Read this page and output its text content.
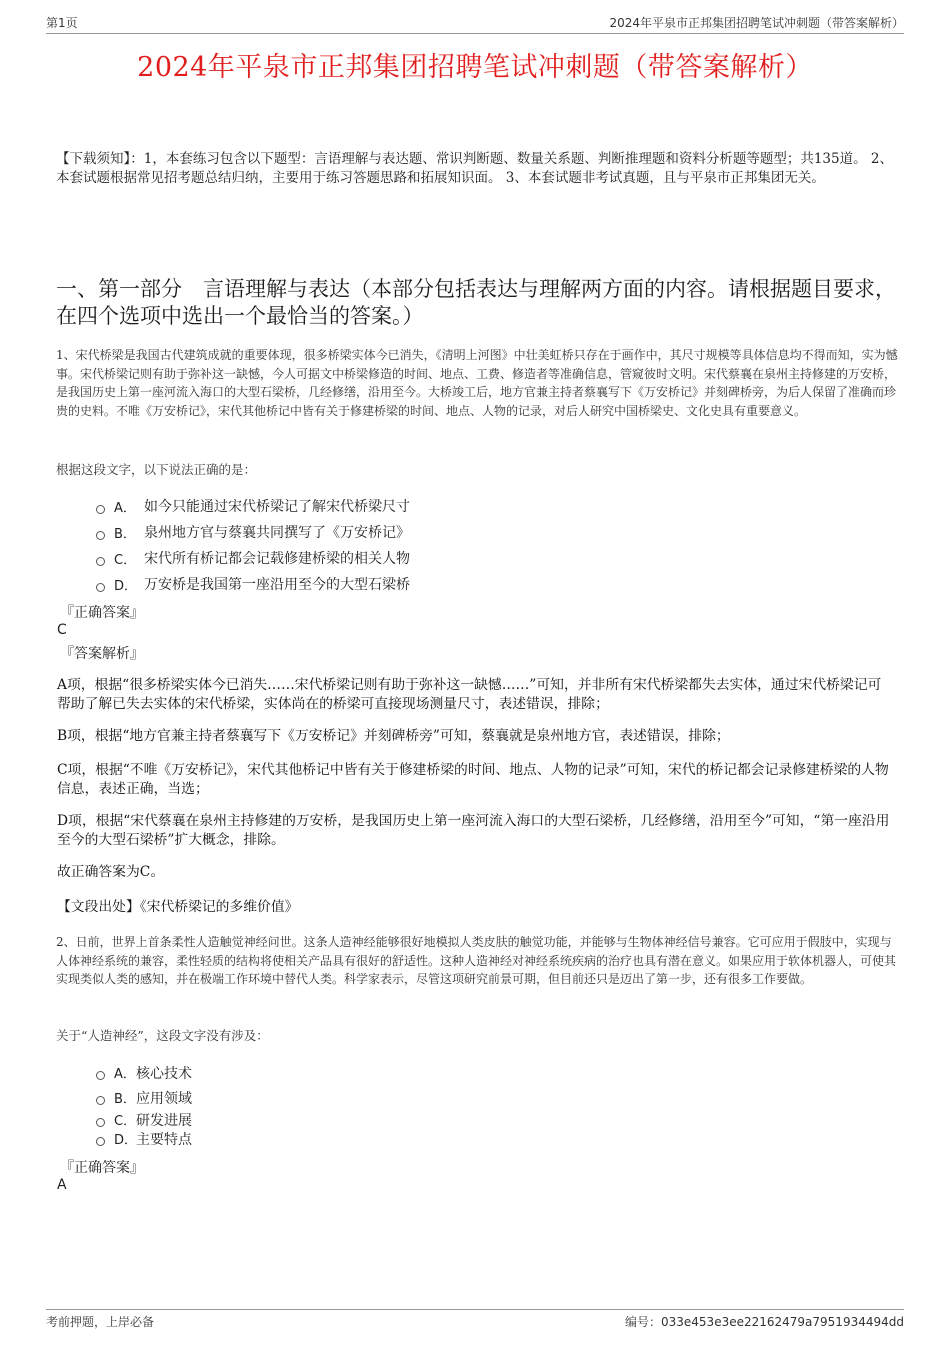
第1页	2024年平泉市正邦集团招聘笔试冲刺题（带答案解析）
2024年平泉市正邦集团招聘笔试冲刺题（带答案解析）
【下载须知】：1，本套练习包含以下题型：言语理解与表达题、常识判断题、数量关系题、判断推理题和资料分析题等题型；共135道。 2、本套试题根据常见招考题总结归纳，主要用于练习答题思路和拓展知识面。 3、本套试题非考试真题，且与平泉市正邦集团无关。
一、第一部分　言语理解与表达（本部分包括表达与理解两方面的内容。请根据题目要求，在四个选项中选出一个最恰当的答案。）
1、宋代桥梁是我国古代建筑成就的重要体现，很多桥梁实体今已消失，《清明上河图》中壮美虹桥只存在于画作中，其尺寸规模等具体信息均不得而知，实为憾事。宋代桥梁记则有助于弥补这一缺憾，今人可据文中桥梁修造的时间、地点、工费、修造者等准确信息，管窥彼时文明。宋代蔡襄在泉州主持修建的万安桥，是我国历史上第一座河流入海口的大型石梁桥，几经修缮，沿用至今。大桥竣工后，地方官兼主持者蔡襄写下《万安桥记》并刻碑桥旁，为后人保留了准确而珍贵的史料。不唯《万安桥记》，宋代其他桥记中皆有关于修建桥梁的时间、地点、人物的记录，对后人研究中国桥梁史、文化史具有重要意义。
根据这段文字，以下说法正确的是：
A． 如今只能通过宋代桥梁记了解宋代桥梁尺寸
B． 泉州地方官与蔡襄共同撰写了《万安桥记》
C． 宋代所有桥记都会记载修建桥梁的相关人物
D． 万安桥是我国第一座沿用至今的大型石梁桥
『正确答案』
C
『答案解析』
A项，根据“很多桥梁实体今已消失……宋代桥梁记则有助于弥补这一缺憾……”可知，并非所有宋代桥梁都失去实体，通过宋代桥梁记可帮助了解已失去实体的宋代桥梁，实体尚在的桥梁可直接现场测量尺寸，表述错误，排除；
B项，根据“地方官兼主持者蔡襄写下《万安桥记》并刻碑桥旁”可知，蔡襄就是泉州地方官，表述错误，排除；
C项，根据“不唯《万安桥记》，宋代其他桥记中皆有关于修建桥梁的时间、地点、人物的记录”可知，宋代的桥记都会记录修建桥梁的人物信息，表述正确，当选；
D项，根据“宋代蔡襄在泉州主持修建的万安桥，是我国历史上第一座河流入海口的大型石梁桥，几经修缮，沿用至今”可知，“第一座沿用至今的大型石梁桥”扩大概念，排除。
故正确答案为C。
【文段出处】《宋代桥梁记的多维价值》
2、日前，世界上首条柔性人造触觉神经问世。这条人造神经能够很好地模拟人类皮肤的触觉功能，并能够与生物体神经信号兼容。它可应用于假肢中，实现与人体神经系统的兼容，柔性轻质的结构将使相关产品具有很好的舒适性。这种人造神经对神经系统疾病的治疗也具有潜在意义。如果应用于软体机器人，可使其实现类似人类的感知，并在极端工作环境中替代人类。科学家表示，尽管这项研究前景可期，但目前还只是迈出了第一步，还有很多工作要做。
关于“人造神经”，这段文字没有涉及：
A． 核心技术
B． 应用领域
C． 研发进展
D．
主要特点
『正确答案』
A
考前押题，上岸必备	编号：033e453e3ee22162479a7951934494dd
